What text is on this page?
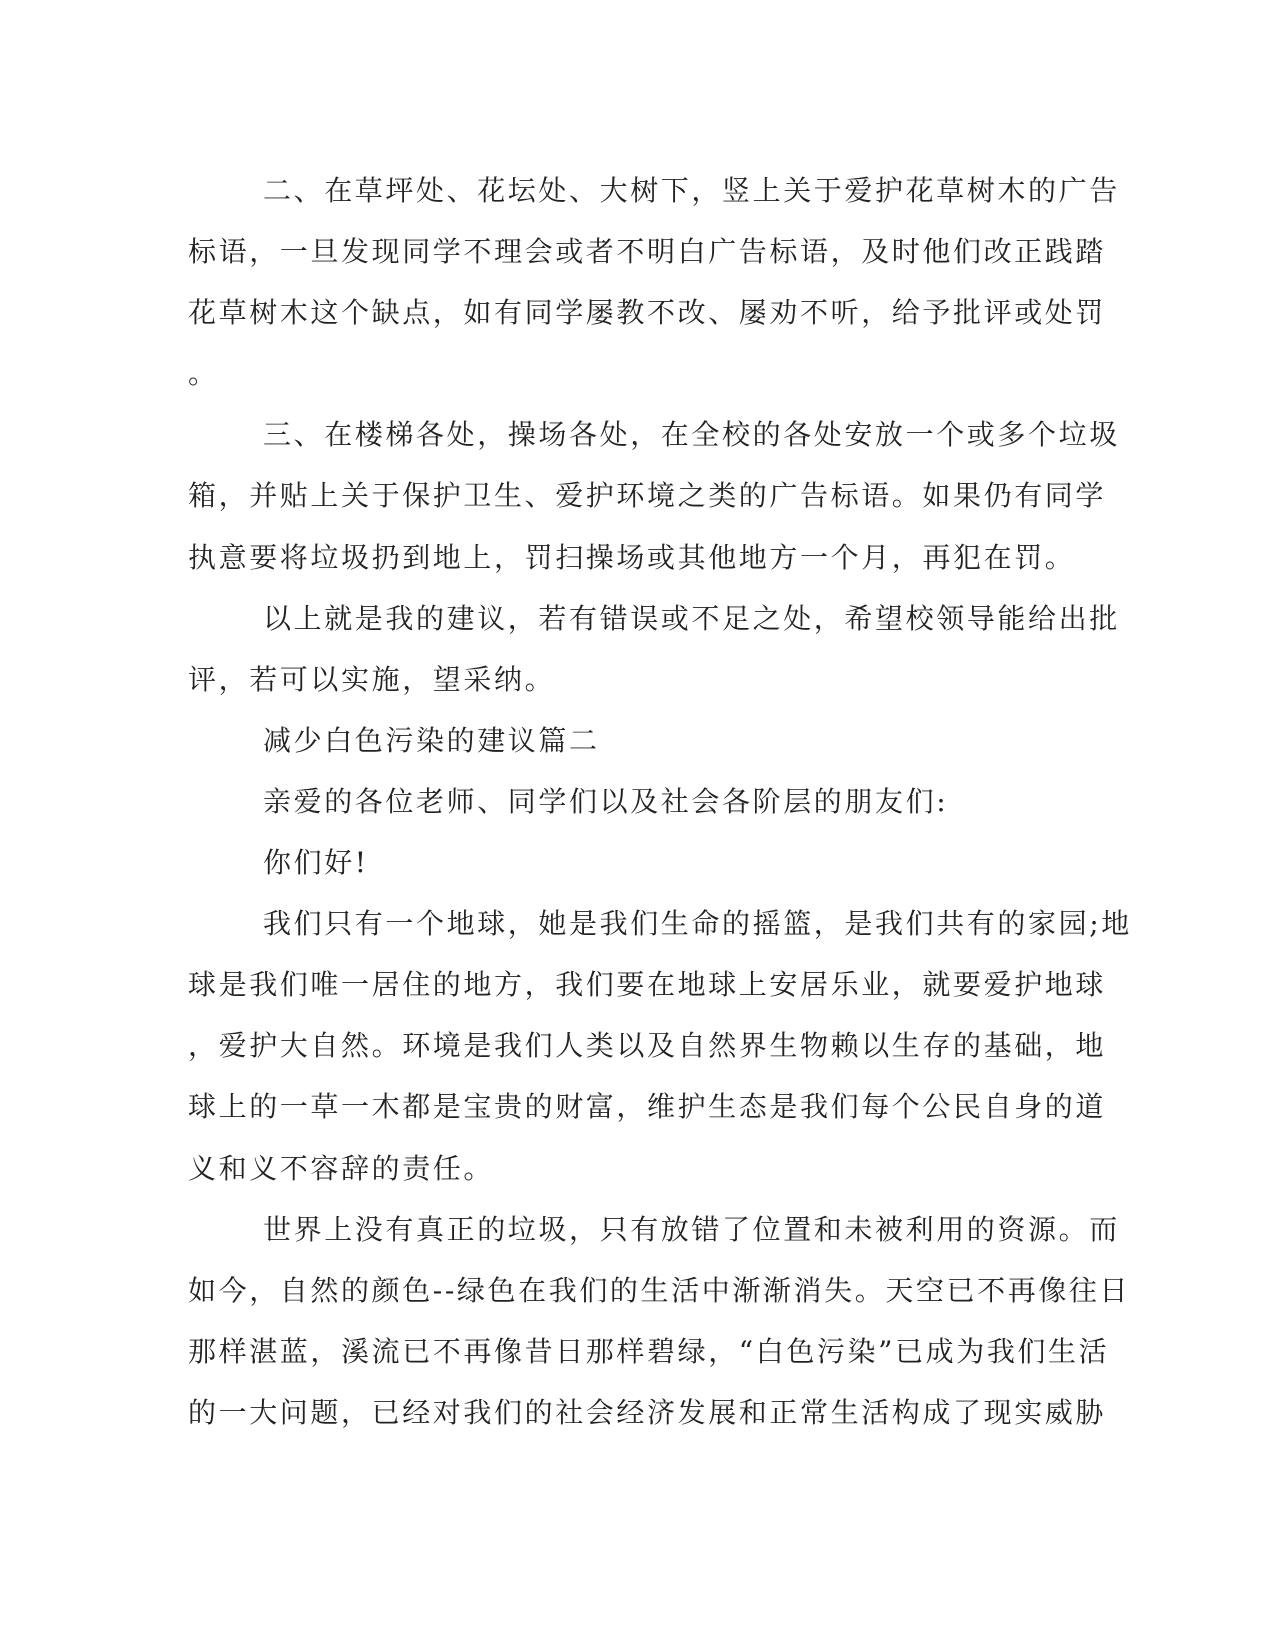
二、在草坪处、花坛处、大树下，竖上关于爱护花草树木的广告
标语，一旦发现同学不理会或者不明白广告标语，及时他们改正践踏
花草树木这个缺点，如有同学屡教不改、屡劝不听，给予批评或处罚
。
三、在楼梯各处，操场各处，在全校的各处安放一个或多个垃圾
箱，并贴上关于保护卫生、爱护环境之类的广告标语。如果仍有同学
执意要将垃圾扔到地上，罚扫操场或其他地方一个月，再犯在罚。
以上就是我的建议，若有错误或不足之处，希望校领导能给出批
评，若可以实施，望采纳。
减少白色污染的建议篇二
亲爱的各位老师、同学们以及社会各阶层的朋友们:
你们好!
我们只有一个地球，她是我们生命的摇篮，是我们共有的家园;地
球是我们唯一居住的地方，我们要在地球上安居乐业，就要爱护地球
，爱护大自然。环境是我们人类以及自然界生物赖以生存的基础，地
球上的一草一木都是宝贵的财富，维护生态是我们每个公民自身的道
义和义不容辞的责任。
世界上没有真正的垃圾，只有放错了位置和未被利用的资源。而
如今，自然的颜色--绿色在我们的生活中渐渐消失。天空已不再像往日
那样湛蓝，溪流已不再像昔日那样碧绿，“白色污染”已成为我们生活
的一大问题，已经对我们的社会经济发展和正常生活构成了现实威胁
